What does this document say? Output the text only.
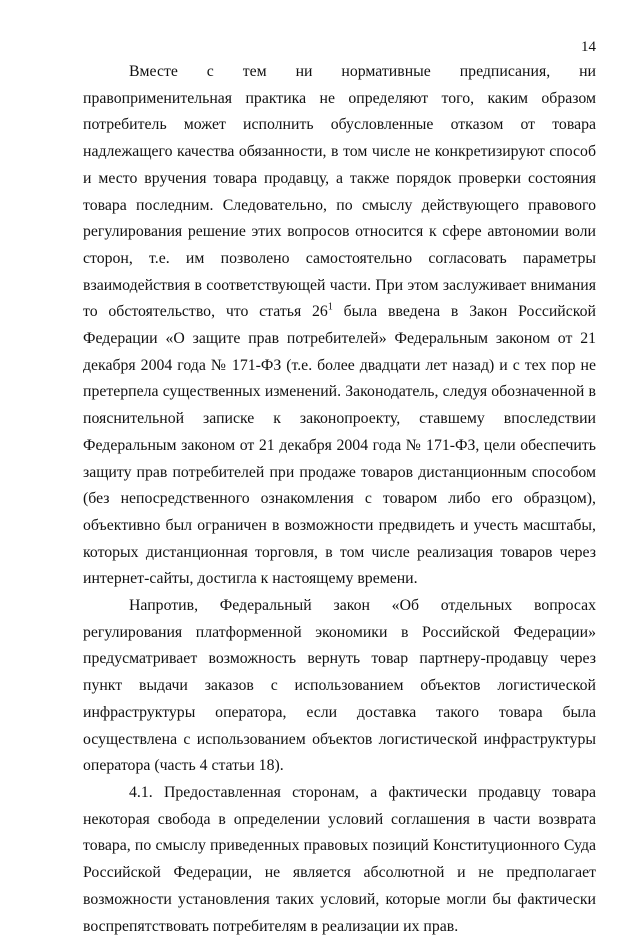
14

Вместе с тем ни нормативные предписания, ни правоприменительная практика не определяют того, каким образом потребитель может исполнить обусловленные отказом от товара надлежащего качества обязанности, в том числе не конкретизируют способ и место вручения товара продавцу, а также порядок проверки состояния товара последним. Следовательно, по смыслу действующего правового регулирования решение этих вопросов относится к сфере автономии воли сторон, т.е. им позволено самостоятельно согласовать параметры взаимодействия в соответствующей части. При этом заслуживает внимания то обстоятельство, что статья $26^1$ была введена в Закон Российской Федерации «О защите прав потребителей» Федеральным законом от 21 декабря 2004 года № 171-ФЗ (т.е. более двадцати лет назад) и с тех пор не претерпела существенных изменений. Законодатель, следуя обозначенной в пояснительной записке к законопроекту, ставшему впоследствии Федеральным законом от 21 декабря 2004 года № 171-ФЗ, цели обеспечить защиту прав потребителей при продаже товаров дистанционным способом (без непосредственного ознакомления с товаром либо его образцом), объективно был ограничен в возможности предвидеть и учесть масштабы, которых дистанционная торговля, в том числе реализация товаров через интернет-сайты, достигла к настоящему времени.

Напротив, Федеральный закон «Об отдельных вопросах регулирования платформенной экономики в Российской Федерации» предусматривает возможность вернуть товар партнеру-продавцу через пункт выдачи заказов с использованием объектов логистической инфраструктуры оператора, если доставка такого товара была осуществлена с использованием объектов логистической инфраструктуры оператора (часть 4 статьи 18).

4.1. Предоставленная сторонам, а фактически продавцу товара некоторая свобода в определении условий соглашения в части возврата товара, по смыслу приведенных правовых позиций Конституционного Суда Российской Федерации, не является абсолютной и не предполагает возможности установления таких условий, которые могли бы фактически воспрепятствовать потребителям в реализации их прав.
